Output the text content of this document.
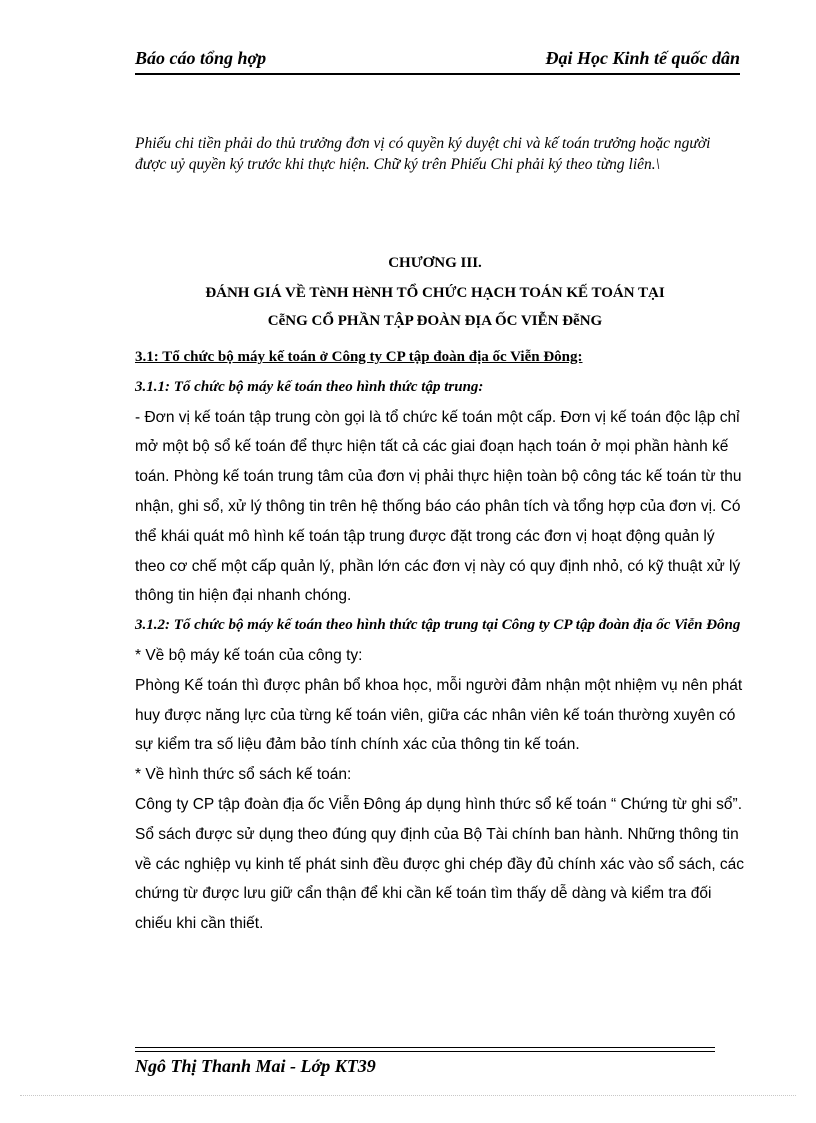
Báo cáo tổng hợp	Đại Học Kinh tế quốc dân
Phiếu chi tiền phải do thủ trưởng đơn vị có quyền ký duyệt chi và kế toán trưởng hoặc người được uỷ quyền ký trước khi thực hiện. Chữ ký trên Phiếu Chi phải ký theo từng liên.\
CHƯƠNG III.
ĐÁNH GIÁ VỀ TèNH HèNH TỔ CHỨC HẠCH TOÁN KẾ TOÁN TẠI
CễNG CỔ PHẦN TẬP ĐOÀN ĐỊA ỐC VIỄN ĐễNG

3.1: Tổ chức bộ máy kế toán ở Công ty CP tập đoàn địa ốc Viễn Đông:

3.1.1: Tổ chức bộ máy kế toán theo hình thức tập trung:

- Đơn vị kế toán tập trung còn gọi là tổ chức kế toán một cấp. Đơn vị kế toán độc lập chỉ mở một bộ sổ kế toán để thực hiện tất cả các giai đoạn hạch toán ở mọi phần hành kế toán. Phòng kế toán trung tâm của đơn vị phải thực hiện toàn bộ công tác kế toán từ thu nhận, ghi sổ, xử lý thông tin trên hệ thống báo cáo phân tích và tổng hợp của đơn vị. Có thể khái quát mô hình kế toán tập trung được đặt trong các đơn vị hoạt động quản lý theo cơ chế một cấp quản lý, phần lớn các đơn vị này có quy định nhỏ, có kỹ thuật xử lý thông tin hiện đại nhanh chóng.

3.1.2: Tổ chức bộ máy kế toán theo hình thức tập trung tại Công ty CP tập đoàn địa ốc Viễn Đông

* Về bộ máy kế toán của công ty:

Phòng Kế toán thì được phân bổ khoa học, mỗi người đảm nhận một nhiệm vụ nên phát huy được năng lực của từng kế toán viên, giữa các nhân viên kế toán thường xuyên có sự kiểm tra số liệu đảm bảo tính chính xác của thông tin kế toán.

* Về hình thức sổ sách kế toán:

Công ty CP tập đoàn địa ốc Viễn Đông áp dụng hình thức sổ kế toán “ Chứng từ ghi sổ”. Sổ sách được sử dụng theo đúng quy định của Bộ Tài chính ban hành. Những thông tin về các nghiệp vụ kinh tế phát sinh đều được ghi chép đầy đủ chính xác vào sổ sách, các chứng từ được lưu giữ cẩn thận để khi cần kế toán tìm thấy dễ dàng và kiểm tra đối chiếu khi cần thiết.

Ngô Thị Thanh Mai - Lớp KT39
